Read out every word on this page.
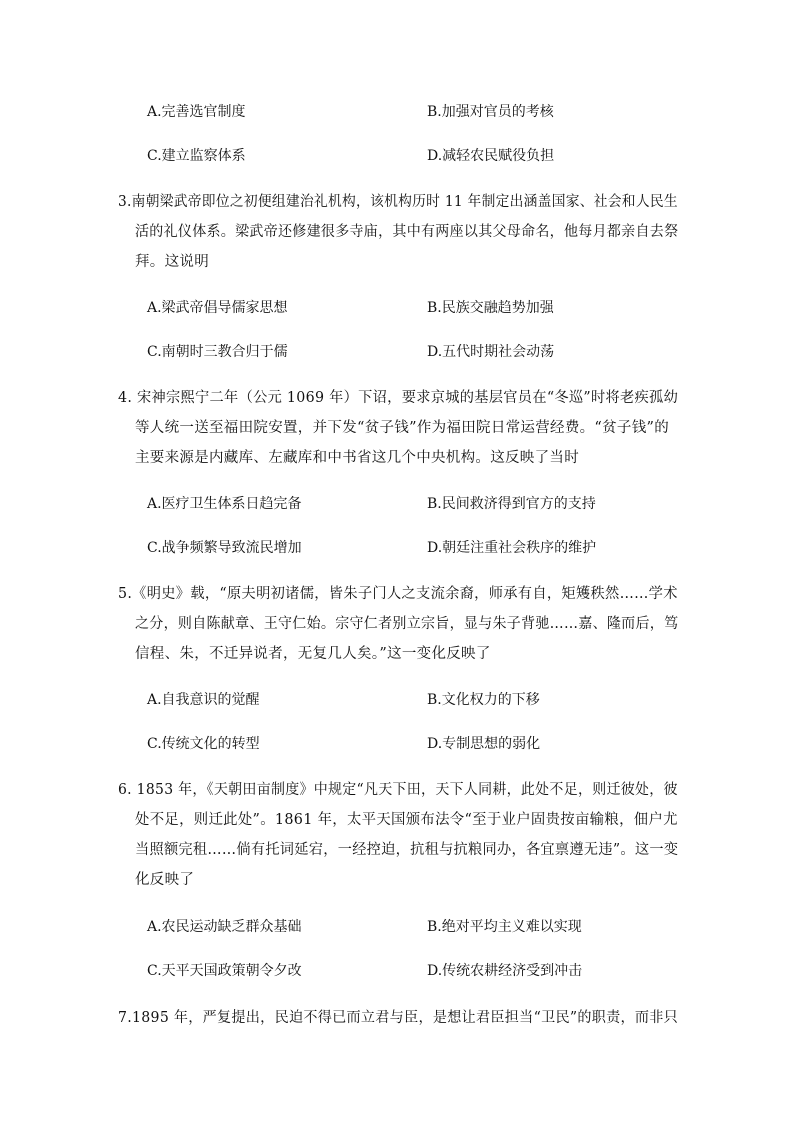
A.完善选官制度	B.加强对官员的考核
C.建立监察体系	D.减轻农民赋役负担
3.南朝梁武帝即位之初便组建治礼机构，该机构历时 11 年制定出涵盖国家、社会和人民生
活的礼仪体系。梁武帝还修建很多寺庙，其中有两座以其父母命名，他每月都亲自去祭
拜。这说明
A.梁武帝倡导儒家思想	B.民族交融趋势加强
C.南朝时三教合归于儒	D.五代时期社会动荡
4. 宋神宗熙宁二年（公元 1069 年）下诏，要求京城的基层官员在“冬巡”时将老疾孤幼
等人统一送至福田院安置，并下发“贫子钱”作为福田院日常运营经费。“贫子钱”的
主要来源是内藏库、左藏库和中书省这几个中央机构。这反映了当时
A.医疗卫生体系日趋完备	B.民间救济得到官方的支持
C.战争频繁导致流民增加	D.朝廷注重社会秩序的维护
5.《明史》载，“原夫明初诸儒，皆朱子门人之支流余裔，师承有自，矩矱秩然……学术
之分，则自陈献章、王守仁始。宗守仁者别立宗旨，显与朱子背驰……嘉、隆而后，笃
信程、朱，不迁异说者，无复几人矣。”这一变化反映了
A.自我意识的觉醒	B.文化权力的下移
C.传统文化的转型	D.专制思想的弱化
6. 1853 年，《天朝田亩制度》中规定“凡天下田，天下人同耕，此处不足，则迁彼处，彼
处不足，则迁此处”。1861 年，太平天国颁布法令“至于业户固贵按亩输粮，佃户尤
当照额完租……倘有托词延宕，一经控迫，抗租与抗粮同办，各宜禀遵无违”。这一变
化反映了
A.农民运动缺乏群众基础	B.绝对平均主义难以实现
C.天平天国政策朝令夕改	D.传统农耕经济受到冲击
7.1895 年，严复提出，民迫不得已而立君与臣，是想让君臣担当“卫民”的职责，而非只
